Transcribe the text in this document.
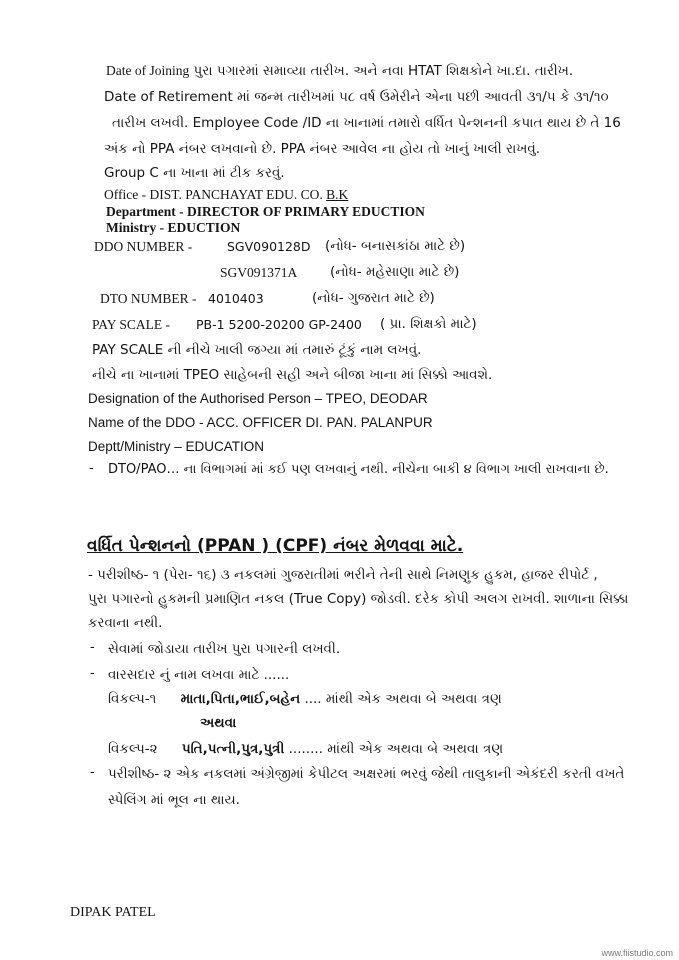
Date of Joining પુરા પગારમાં સમાવ્યા તારીખ. અને નવા HTAT શિક્ષકોને ખા.દા. તારીખ.
Date of Retirement માં જન્મ તારીખમાં ૫૮ વર્ષ ઉમેરીને એના પછી આવતી ૩૧/૫ કે ૩૧/૧૦
તારીખ લખવી. Employee Code /ID ના ખાનામાં તમારો વર્ધિત પેન્શનની કપાત થાય છે તે 16
અંક નો PPA નંબર લખવાનો છે. PPA નંબર આવેલ ના હોય તો ખાનું ખાલી રાખવું.
Group C ના ખાના માં ટીક કરવું.
Office - DIST. PANCHAYAT EDU. CO. B.K
Department - DIRECTOR OF PRIMARY EDUCTION
Ministry - EDUCTION
DDO NUMBER -	SGV090128D (નોધ- બનાસકાંઠા માટે છે)
SGV091371A (નોધ- મહેસાણા માટે છે)
DTO NUMBER - 4010403	(નોધ- ગુજરાત માટે છે)
PAY SCALE - PB-1 5200-20200 GP-2400 ( પ્રા. શિક્ષકો માટે)
PAY SCALE ની નીચે ખાલી જગ્યા માં તમારું ટૂંકું નામ લખવું.
નીચે ના ખાનામાં TPEO સાહેબની સહી અને બીજા ખાના માં સિક્કો આવશે.
Designation of the Authorised Person – TPEO, DEODAR
Name of the DDO - ACC. OFFICER DI. PAN. PALANPUR
Deptt/Ministry – EDUCATION
- DTO/PAO… ના વિભાગમાં માં કઈ પણ લખવાનું નથી. નીચેના બાકી ૪ વિભાગ ખાલી રાખવાના છે.
વર્ધિત પેન્શનનો (PPAN ) (CPF) નંબર મેળવવા માટે.
- પરીશીષ્ઠ- ૧ (પેરા- ૧૬) ૩ નકલમાં ગુજરાતીમાં ભરીને તેની સાથે નિમણુક હુકમ, હાજર રીપોર્ટ ,
પુરા પગારનો હુકમની પ્રમાણિત નકલ (True Copy) જોડવી. દરેક કોપી અલગ રાખવી. શાળાના સિક્કા
કરવાના નથી.
- સેવામાં જોડાયા તારીખ પુરા પગારની લખવી.
- વારસદાર નું નામ લખવા માટે ......
વિકલ્પ-૧ માતા,પિતા,ભાઈ,બહેન .... માંથી એક અથવા બે અથવા ત્રણ
અથવા
વિકલ્પ-૨ પતિ,પત્ની,પુત્ર,પુત્રી ........ માંથી એક અથવા બે અથવા ત્રણ
- પરીશીષ્ઠ- ૨ એક નકલમાં અંગ્રેજીમાં કેપીટલ અક્ષરમાં ભરવું જેથી તાલુકાની એકંદરી કરતી વખતે
સ્પેલિંગ માં ભૂલ ના થાય.
DIPAK PATEL
www.fiistudio.com
